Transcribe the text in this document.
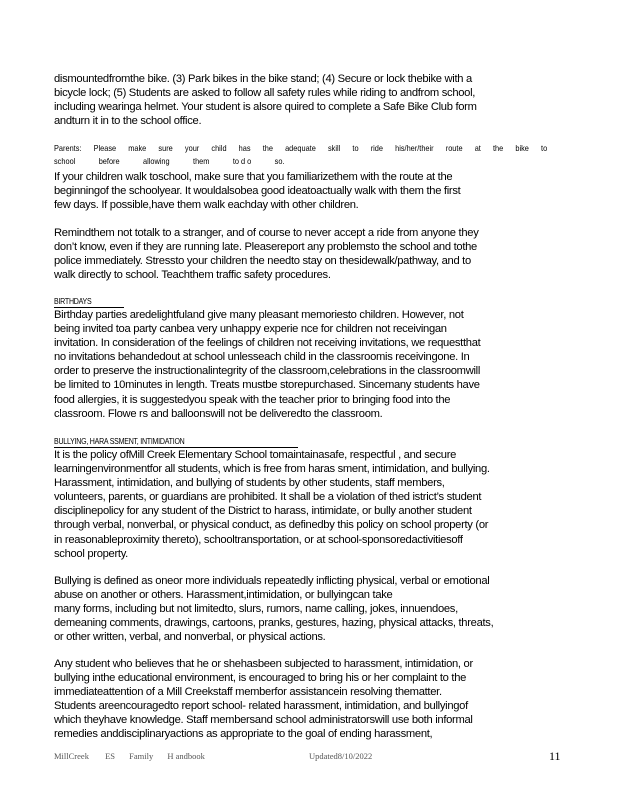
dismountedfromthe bike. (3) Park bikes in the bike stand; (4) Secure or lock thebike with a
bicycle lock; (5) Students are asked to follow all safety rules while riding to andfrom school,
including wearinga helmet. Your student is alsore quired to complete a Safe Bike Club form
andturn it in to the school office.
Parents: Please make sure your child has the adequate skill to ride his/her/their route at the bike to
school	before	allowing	them	to d o	so.
If your children walk toschool, make sure that you familiarizethem with the route at the
beginningof the schoolyear. It wouldalsobea good ideatoactually walk with them the first
few days. If possible,have them walk eachday with other children.
Remindthem not totalk to a stranger, and of course to never accept a ride from anyone they
don’t know, even if they are running late. Pleasereport any problemsto the school and tothe
police immediately. Stressto your children the needto stay on thesidewalk/pathway, and to
walk directly to school. Teachthem traffic safety procedures.
BIRTHDAYS
Birthday parties aredelightfuland give many pleasant memoriesto children. However, not
being invited toa party canbea very unhappy experie nce for children not receivingan
invitation. In consideration of the feelings of children not receiving invitations, we requestthat
no invitations behandedout at school unlesseach child in the classroomis receivingone. In
order to preserve the instructionalintegrity of the classroom,celebrations in the classroomwill
be limited to 10minutes in length. Treats mustbe storepurchased. Sincemany students have
food allergies, it is suggestedyou speak with the teacher prior to bringing food into the
classroom. Flowe rs and balloonswill not be deliveredto the classroom.
BULLYING, HARA SSMENT, INTIMIDATION
It is the policy ofMill Creek Elementary School tomaintainasafe, respectful , and secure
learningenvironmentfor all students, which is free from haras sment, intimidation, and bullying.
Harassment, intimidation, and bullying of students by other students, staff members,
volunteers, parents, or guardians are prohibited. It shall be a violation of thed istrict’s student
disciplinepolicy for any student of the District to harass, intimidate, or bully another student
through verbal, nonverbal, or physical conduct, as definedby this policy on school property (or
in reasonableproximity thereto), schooltransportation, or at school-sponsoredactivitiesoff
school property.
Bullying is defined as oneor more individuals repeatedly inflicting physical, verbal or emotional
abuse on another or others. Harassment,intimidation, or bullyingcan take
many forms, including but not limitedto, slurs, rumors, name calling, jokes, innuendoes,
demeaning comments, drawings, cartoons, pranks, gestures, hazing, physical attacks, threats,
or other written, verbal, and nonverbal, or physical actions.
Any student who believes that he or shehasbeen subjected to harassment, intimidation, or
bullying inthe educational environment, is encouraged to bring his or her complaint to the
immediateattention of a Mill Creekstaff memberfor assistancein resolving thematter.
Students areencouragedto report school- related harassment, intimidation, and bullyingof
which theyhave knowledge. Staff membersand school administratorswill use both informal
remedies anddisciplinaryactions as appropriate to the goal of ending harassment,
MillCreek ES Family H andbook	Updated8/10/2022	11
